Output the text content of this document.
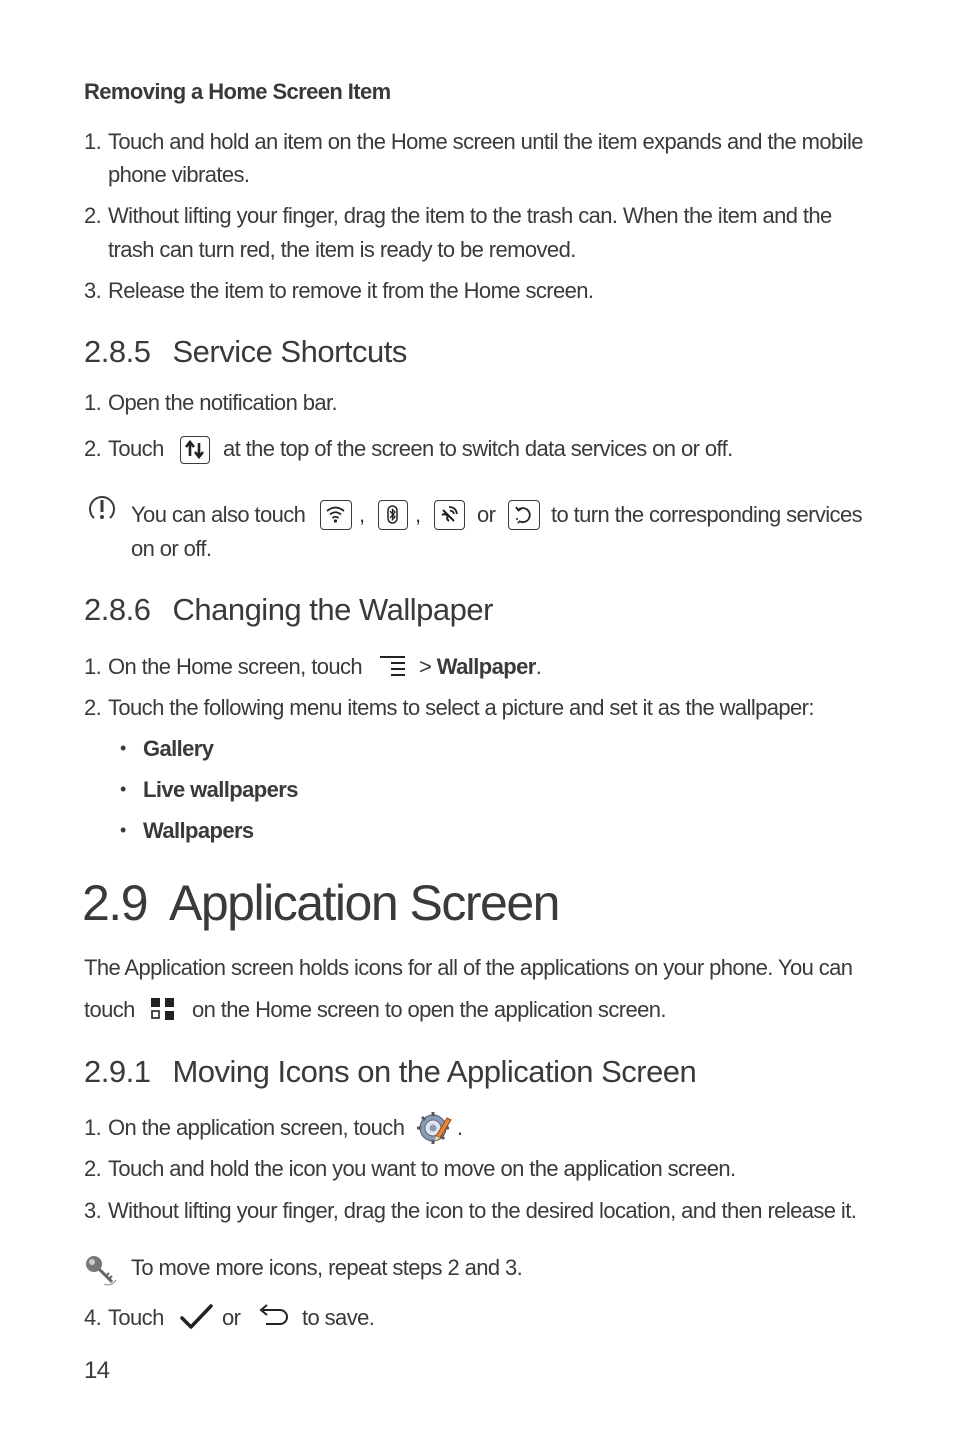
Removing a Home Screen Item
1. Touch and hold an item on the Home screen until the item expands and the mobile
phone vibrates.
2. Without lifting your finger, drag the item to the trash can. When the item and the
trash can turn red, the item is ready to be removed.
3. Release the item to remove it from the Home screen.
2.8.5 Service Shortcuts
1. Open the notification bar.
2. Touch	at the top of the screen to switch data services on or off.
You can also touch , ,	or	to turn the corresponding services
on or off.
2.8.6 Changing the Wallpaper
1. On the Home screen, touch	> Wallpaper.
2. Touch the following menu items to select a picture and set it as the wallpaper:
• Gallery
• Live wallpapers
• Wallpapers
2.9 Application Screen
The Application screen holds icons for all of the applications on your phone. You can
touch	on the Home screen to open the application screen.
2.9.1 Moving Icons on the Application Screen
1. On the application screen, touch .
2. Touch and hold the icon you want to move on the application screen.
3. Without lifting your finger, drag the icon to the desired location, and then release it.
To move more icons, repeat steps 2 and 3.
4. Touch	or	to save.
14
